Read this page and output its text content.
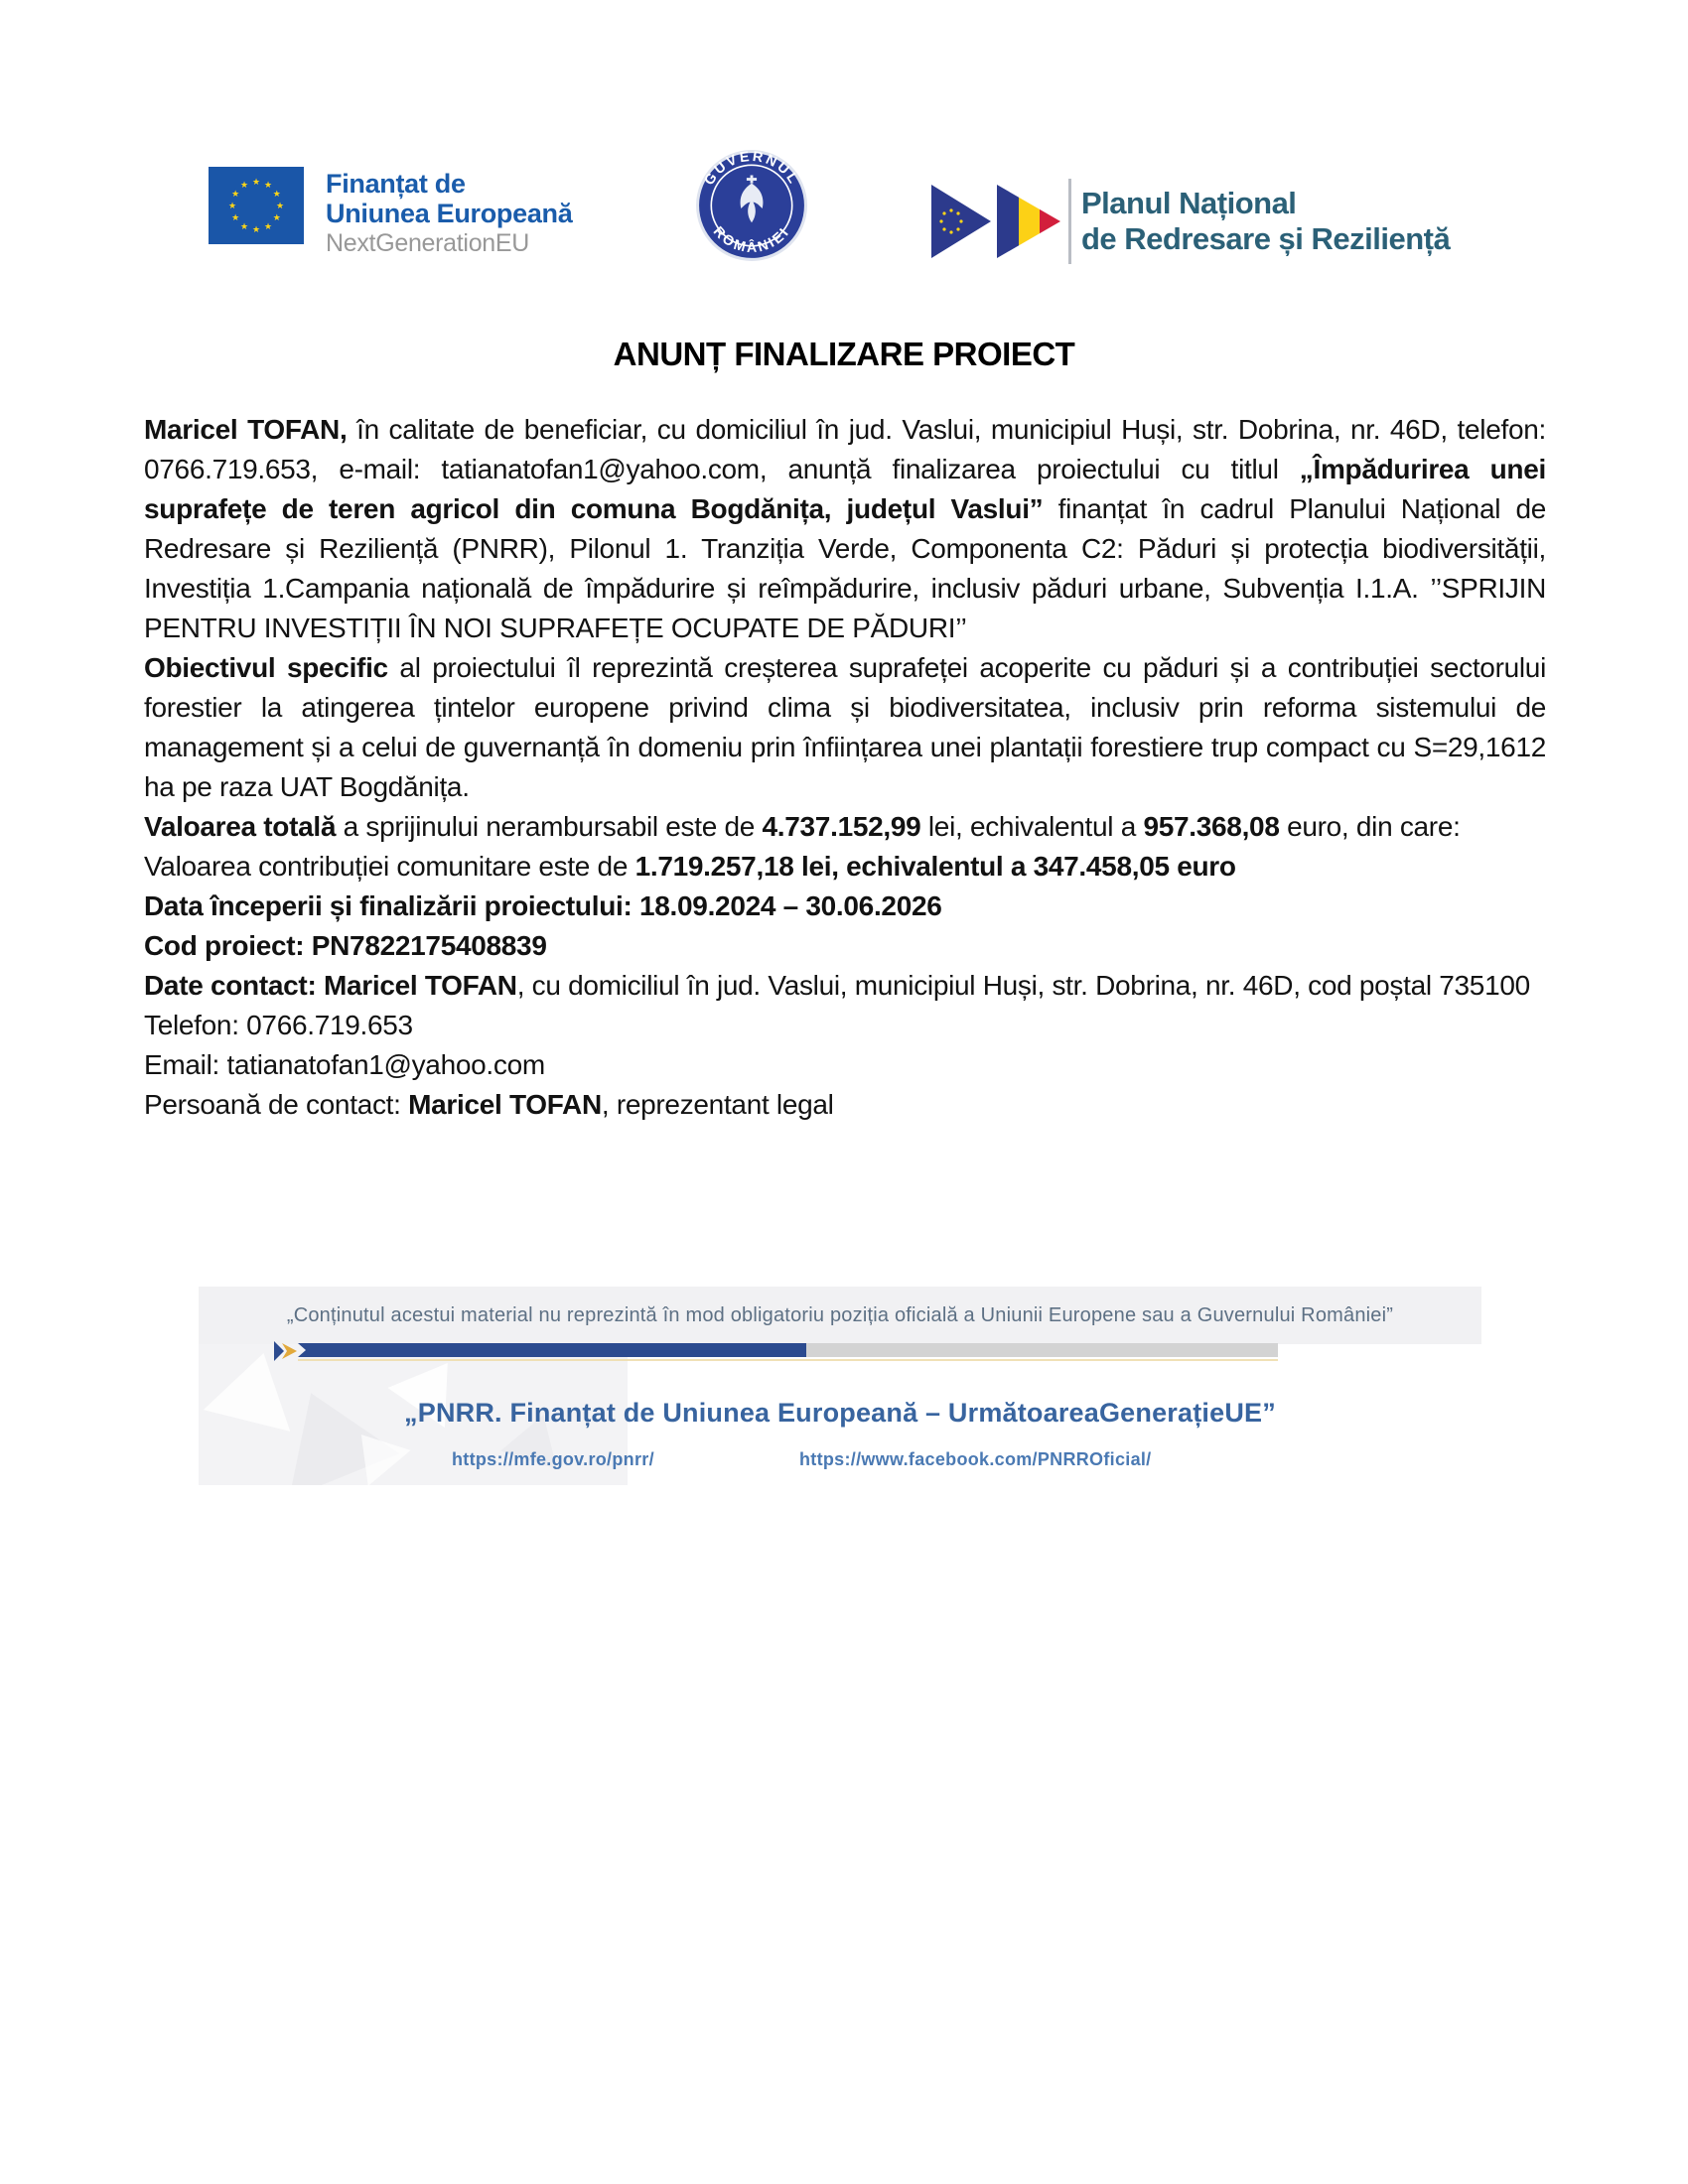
★ ★
★
★
★
★
★
★
★
★
★
★	Finanțat de
Uniunea Europeană
NextGenerationEU
GUVERNUL
ROMÂNIEI
Planul Național
de Redresare și Reziliență
ANUNȚ FINALIZARE PROIECT

Maricel TOFAN, în calitate de beneficiar, cu domiciliul în jud. Vaslui, municipiul Huși, str. Dobrina, nr. 46D, telefon: 0766.719.653, e-mail: tatianatofan1@yahoo.com, anunță finalizarea proiectului cu titlul „Împădurirea unei suprafețe de teren agricol din comuna Bogdănița, județul Vaslui” finanțat în cadrul Planului Național de Redresare și Reziliență (PNRR), Pilonul 1. Tranziția Verde, Componenta C2: Păduri și protecția biodiversității, Investiția 1.Campania națională de împădurire și reîmpădurire, inclusiv păduri urbane, Subvenția I.1.A. ’’SPRIJIN PENTRU INVESTIȚII ÎN NOI SUPRAFEȚE OCUPATE DE PĂDURI’’

Obiectivul specific al proiectului îl reprezintă creșterea suprafeței acoperite cu păduri și a contribuției sectorului forestier la atingerea țintelor europene privind clima și biodiversitatea, inclusiv prin reforma sistemului de management și a celui de guvernanță în domeniu prin înființarea unei plantații forestiere trup compact cu S=29,1612 ha pe raza UAT Bogdănița.

Valoarea totală a sprijinului nerambursabil este de 4.737.152,99 lei, echivalentul a 957.368,08 euro, din care:

Valoarea contribuției comunitare este de 1.719.257,18 lei, echivalentul a 347.458,05 euro

Data începerii și finalizării proiectului: 18.09.2024 – 30.06.2026

Cod proiect: PN7822175408839

Date contact: Maricel TOFAN, cu domiciliul în jud. Vaslui, municipiul Huși, str. Dobrina, nr. 46D, cod poștal 735100

Telefon: 0766.719.653

Email: tatianatofan1@yahoo.com

Persoană de contact: Maricel TOFAN, reprezentant legal

„Conținutul acestui material nu reprezintă în mod obligatoriu poziția oficială a Uniunii Europene sau a Guvernului României”
„PNRR. Finanțat de Uniunea Europeană – UrmătoareaGenerațieUE”
https://mfe.gov.ro/pnrr/	https://www.facebook.com/PNRROficial/
